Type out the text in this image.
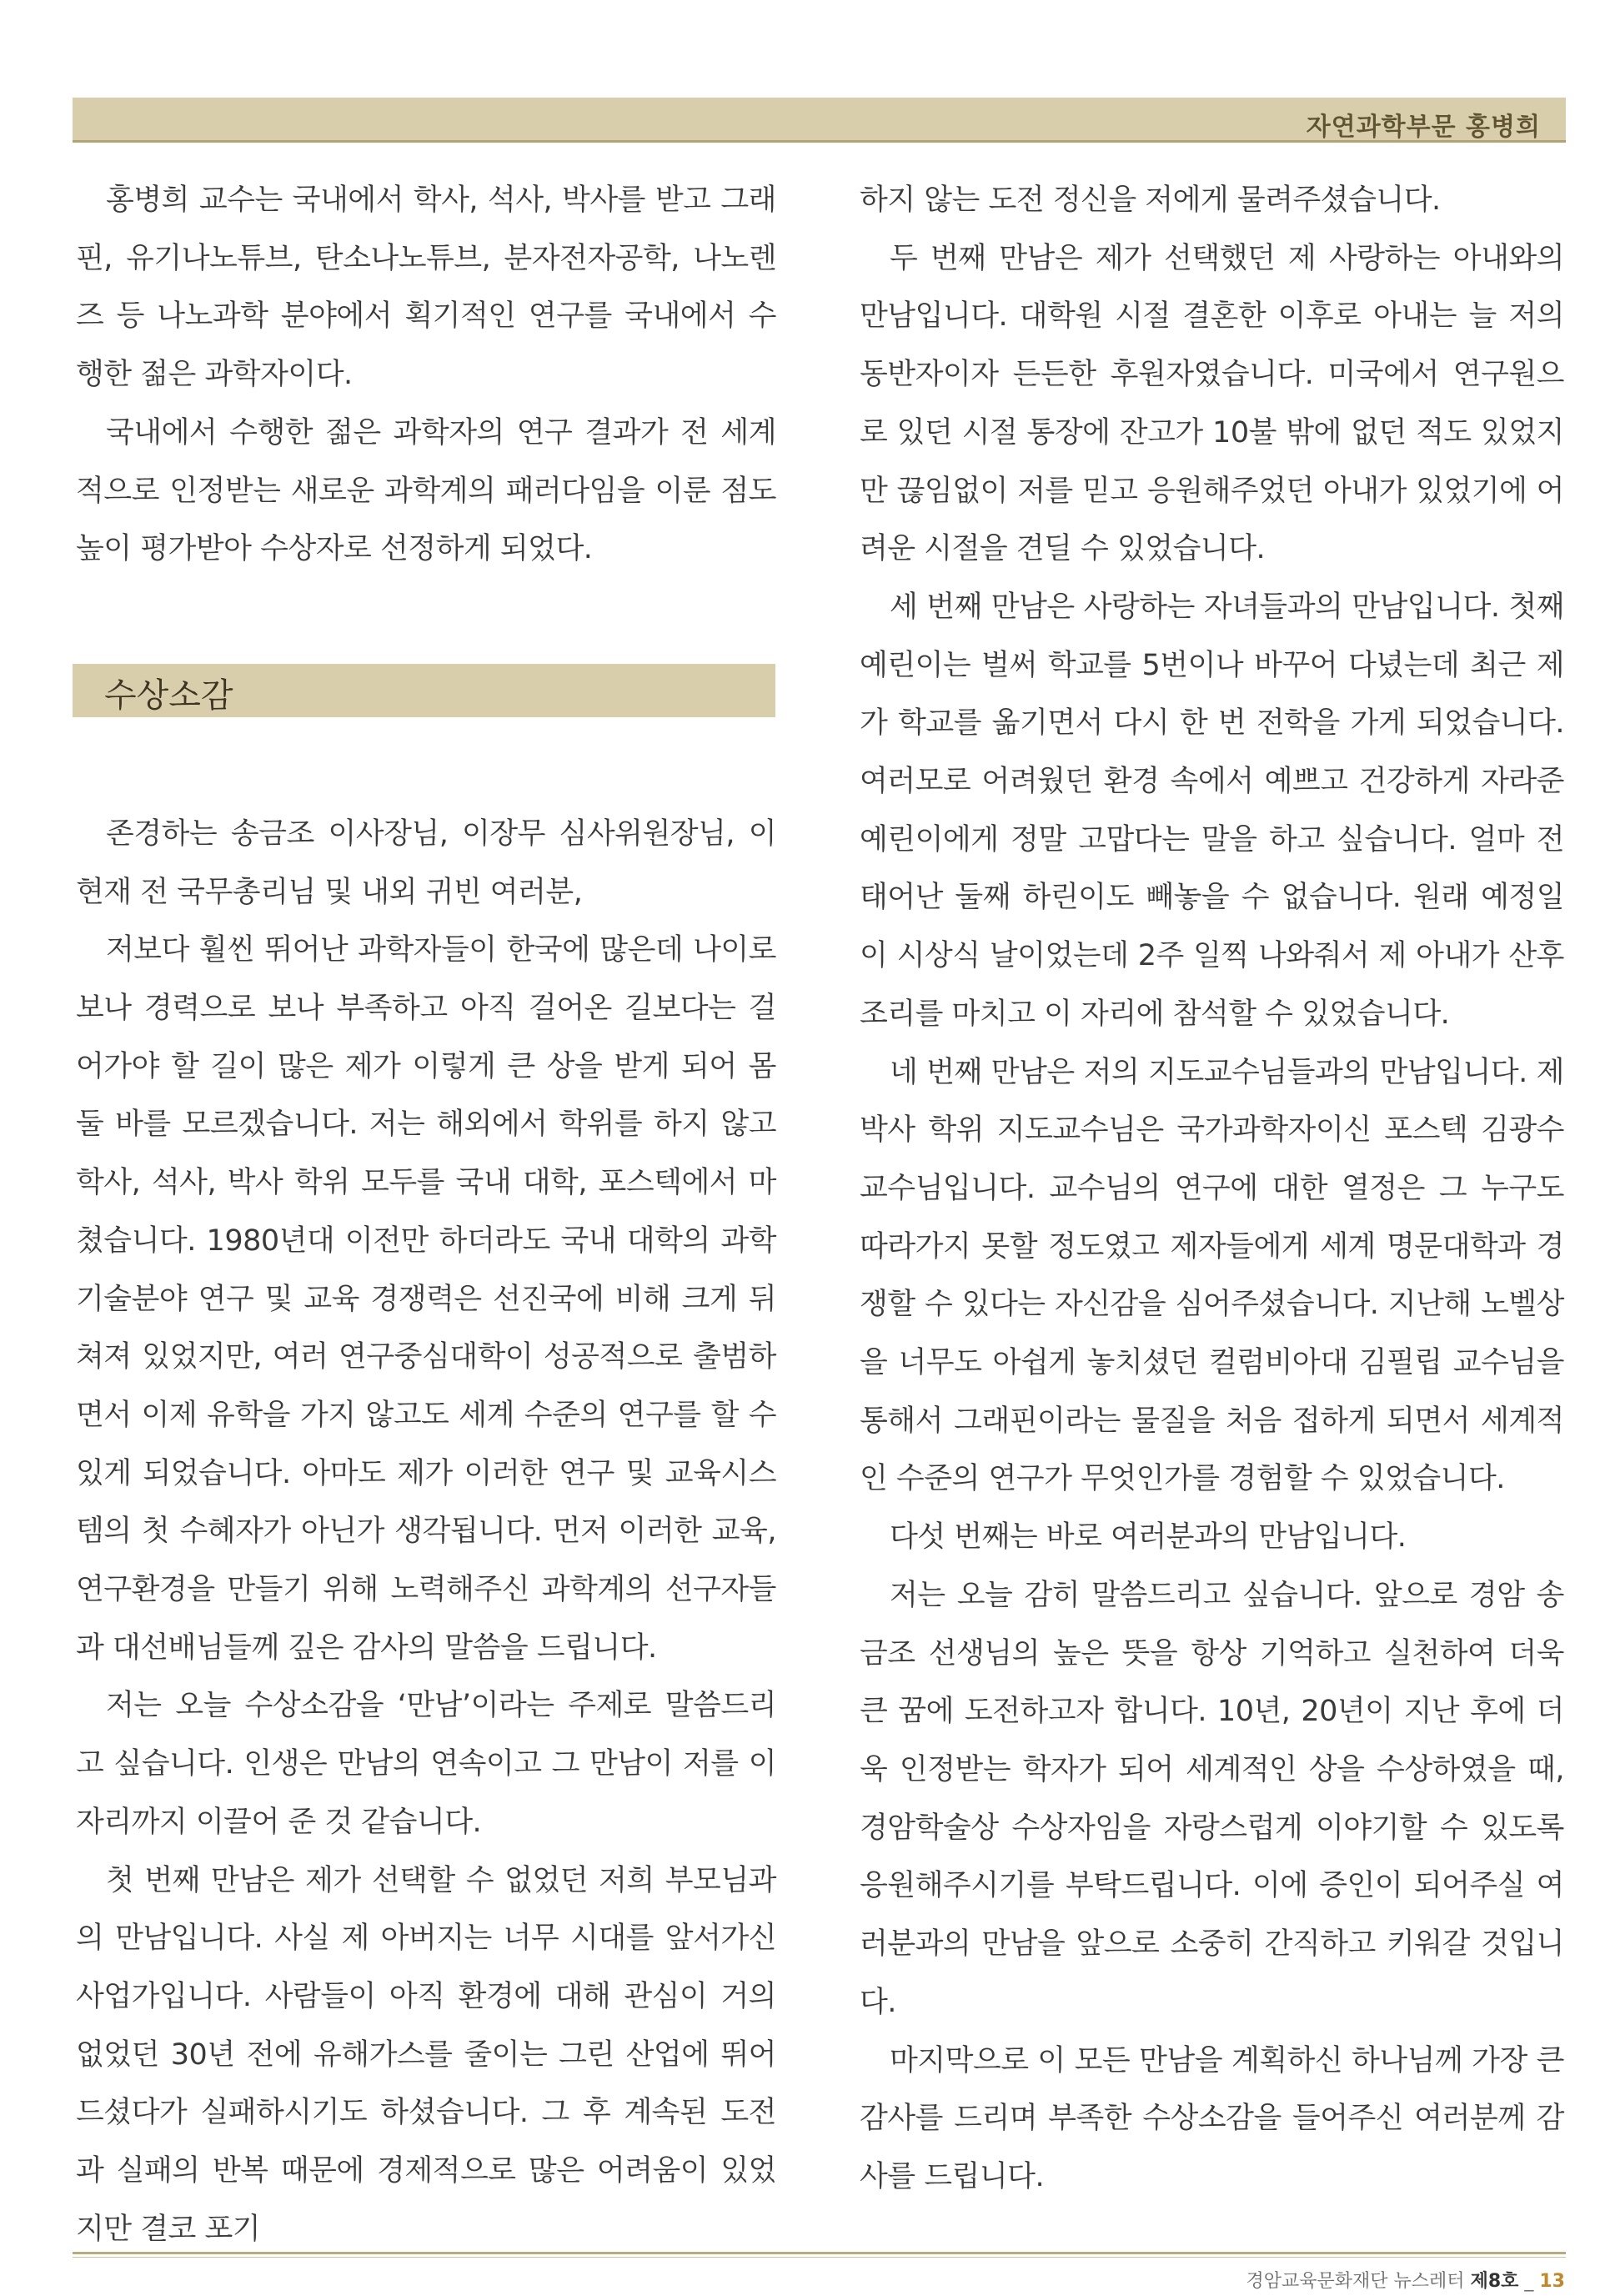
자연과학부문 홍병희

홍병희 교수는 국내에서 학사, 석사, 박사를 받고 그래핀, 유기나노튜브, 탄소나노튜브, 분자전자공학, 나노렌즈 등 나노과학 분야에서 획기적인 연구를 국내에서 수행한 젊은 과학자이다.

국내에서 수행한 젊은 과학자의 연구 결과가 전 세계적으로 인정받는 새로운 과학계의 패러다임을 이룬 점도 높이 평가받아 수상자로 선정하게 되었다.

수상소감

존경하는 송금조 이사장님, 이장무 심사위원장님, 이현재 전 국무총리님 및 내외 귀빈 여러분,

저보다 훨씬 뛰어난 과학자들이 한국에 많은데 나이로 보나 경력으로 보나 부족하고 아직 걸어온 길보다는 걸어가야 할 길이 많은 제가 이렇게 큰 상을 받게 되어 몸 둘 바를 모르겠습니다. 저는 해외에서 학위를 하지 않고 학사, 석사, 박사 학위 모두를 국내 대학, 포스텍에서 마쳤습니다. 1980년대 이전만 하더라도 국내 대학의 과학기술분야 연구 및 교육 경쟁력은 선진국에 비해 크게 뒤쳐져 있었지만, 여러 연구중심대학이 성공적으로 출범하면서 이제 유학을 가지 않고도 세계 수준의 연구를 할 수 있게 되었습니다. 아마도 제가 이러한 연구 및 교육시스템의 첫 수혜자가 아닌가 생각됩니다. 먼저 이러한 교육, 연구환경을 만들기 위해 노력해주신 과학계의 선구자들과 대선배님들께 깊은 감사의 말씀을 드립니다.

저는 오늘 수상소감을 ‘만남’이라는 주제로 말씀드리고 싶습니다. 인생은 만남의 연속이고 그 만남이 저를 이 자리까지 이끌어 준 것 같습니다.

첫 번째 만남은 제가 선택할 수 없었던 저희 부모님과의 만남입니다. 사실 제 아버지는 너무 시대를 앞서가신 사업가입니다. 사람들이 아직 환경에 대해 관심이 거의 없었던 30년 전에 유해가스를 줄이는 그린 산업에 뛰어드셨다가 실패하시기도 하셨습니다. 그 후 계속된 도전과 실패의 반복 때문에 경제적으로 많은 어려움이 있었지만 결코 포기

하지 않는 도전 정신을 저에게 물려주셨습니다.

두 번째 만남은 제가 선택했던 제 사랑하는 아내와의 만남입니다. 대학원 시절 결혼한 이후로 아내는 늘 저의 동반자이자 든든한 후원자였습니다. 미국에서 연구원으로 있던 시절 통장에 잔고가 10불 밖에 없던 적도 있었지만 끊임없이 저를 믿고 응원해주었던 아내가 있었기에 어려운 시절을 견딜 수 있었습니다.

세 번째 만남은 사랑하는 자녀들과의 만남입니다. 첫째 예린이는 벌써 학교를 5번이나 바꾸어 다녔는데 최근 제가 학교를 옮기면서 다시 한 번 전학을 가게 되었습니다. 여러모로 어려웠던 환경 속에서 예쁘고 건강하게 자라준 예린이에게 정말 고맙다는 말을 하고 싶습니다. 얼마 전 태어난 둘째 하린이도 빼놓을 수 없습니다. 원래 예정일이 시상식 날이었는데 2주 일찍 나와줘서 제 아내가 산후조리를 마치고 이 자리에 참석할 수 있었습니다.

네 번째 만남은 저의 지도교수님들과의 만남입니다. 제 박사 학위 지도교수님은 국가과학자이신 포스텍 김광수 교수님입니다. 교수님의 연구에 대한 열정은 그 누구도 따라가지 못할 정도였고 제자들에게 세계 명문대학과 경쟁할 수 있다는 자신감을 심어주셨습니다. 지난해 노벨상을 너무도 아쉽게 놓치셨던 컬럼비아대 김필립 교수님을 통해서 그래핀이라는 물질을 처음 접하게 되면서 세계적인 수준의 연구가 무엇인가를 경험할 수 있었습니다.

다섯 번째는 바로 여러분과의 만남입니다.

저는 오늘 감히 말씀드리고 싶습니다. 앞으로 경암 송금조 선생님의 높은 뜻을 항상 기억하고 실천하여 더욱 큰 꿈에 도전하고자 합니다. 10년, 20년이 지난 후에 더욱 인정받는 학자가 되어 세계적인 상을 수상하였을 때, 경암학술상 수상자임을 자랑스럽게 이야기할 수 있도록 응원해주시기를 부탁드립니다. 이에 증인이 되어주실 여러분과의 만남을 앞으로 소중히 간직하고 키워갈 것입니다.

마지막으로 이 모든 만남을 계획하신 하나님께 가장 큰 감사를 드리며 부족한 수상소감을 들어주신 여러분께 감사를 드립니다.

경암교육문화재단 뉴스레터 제8호 _ 13
